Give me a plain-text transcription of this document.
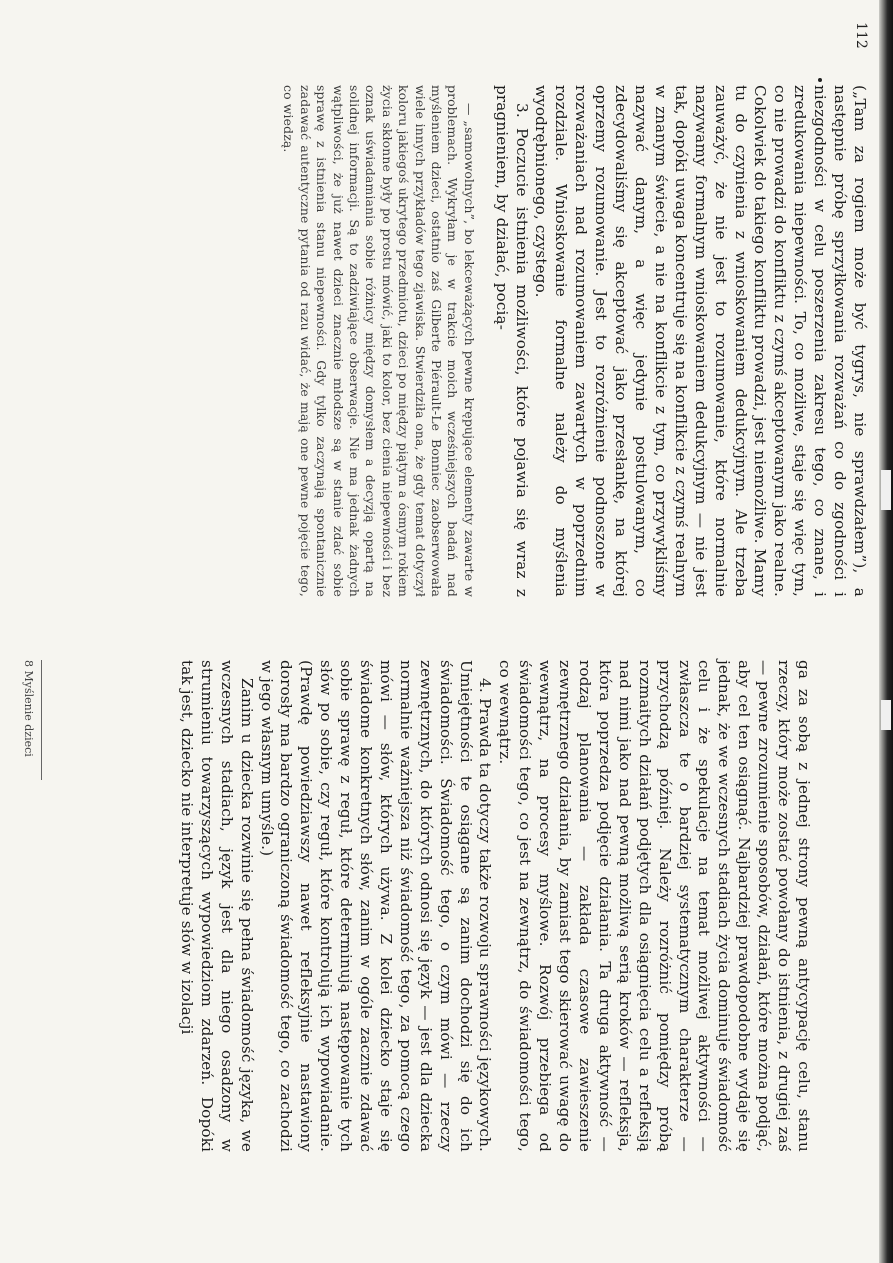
112

(„Tam za rogiem może być tygrys, nie sprawdzałem”), a następnie próbę sprzyłkowania rozważań co do zgodności i niezgodności w celu poszerzenia zakresu tego, co znane, i zredukowania niepewności. To, co możliwe, staje się więc tym, co nie prowadzi do konfliktu z czymś akceptowanym jako realne. Cokolwiek do takiego konfliktu prowadzi, jest niemożliwe. Mamy tu do czynienia z wnioskowaniem dedukcyjnym. Ale trzeba zauważyć, że nie jest to rozumowanie, które normalnie nazywamy formalnym wnioskowaniem dedukcyjnym — nie jest tak, dopóki uwaga koncentruje się na konflikcie z czymś realnym w znanym świecie, a nie na konflikcie z tym, co przywykliśmy nazywać danym, a więc jedynie postulowanym, co zdecydowaliśmy się akceptować jako przesłankę, na której oprzemy rozumowanie. Jest to rozróżnienie podnoszone w rozważaniach nad rozumowaniem zawartych w poprzednim rozdziale. Wnioskowanie formalne należy do myślenia wyodrębnionego, czystego.

3. Poczucie istnienia możliwości, które pojawia się wraz z pragnieniem, by działać, pocią-

— „samowolnych”, bo lekceważących pewne krępujące elementy zawarte w problemach. Wykryłam je w trakcie moich wcześniejszych badań nad myśleniem dzieci, ostatnio zaś Gilberte Piérault-Le Bonniec zaobserwowała wiele innych przykładów tego zjawiska. Stwierdziła ona, że gdy temat dotyczył koloru jakiegoś ukrytego przedmiotu, dzieci po między piątym a ósmym rokiem życia skłonne były po prostu mówić, jaki to kolor, bez cienia niepewności i bez oznak uświadamiania sobie różnicy między domysłem a decyzją opartą na solidnej informacji. Są to zadziwiające obserwacje. Nie ma jednak żadnych wątpliwości, że już nawet dzieci znacznie młodsze są w stanie zdać sobie sprawę z istnienia stanu niepewności. Gdy tylko zaczynają spontanicznie zadawać autentyczne pytania od razu widać, że mają one pewne pojęcie tego, co wiedzą.

ga za sobą z jednej strony pewną antycypację celu, stanu rzeczy, który może zostać powołany do istnienia, z drugiej zaś — pewne zrozumienie sposobów, działań, które można podjąć, aby cel ten osiągnąć. Najbardziej prawdopodobne wydaje się jednak, że we wczesnych stadiach życia dominuje świadomość celu i że spekulacje na temat możliwej aktywności — zwłaszcza te o bardziej systematycznym charakterze — przychodzą później. Należy rozróżnić pomiędzy próbą rozmaitych działań podjętych dla osiągnięcia celu a refleksją nad nimi jako nad pewną możliwą serią kroków — refleksja, która poprzedza podjęcie działania. Ta druga aktywność — rodzaj planowania — zakłada czasowe zawieszenie zewnętrznego działania, by zamiast tego skierować uwagę do wewnątrz, na procesy myślowe. Rozwój przebiega od świadomości tego, co jest na zewnątrz, do świadomości tego, co wewnątrz.

4. Prawda ta dotyczy także rozwoju sprawności językowych. Umiejętności te osiągane są zanim dochodzi się do ich świadomości. Świadomość tego, o czym mówi — rzeczy zewnętrznych, do których odnosi się język — jest dla dziecka normalnie ważniejsza niż świadomość tego, za pomocą czego mówi — słów, których używa. Z kolei dziecko staje się świadome konkretnych słów, zanim w ogóle zacznie zdawać sobie sprawę z reguł, które determinują następowanie tych słów po sobie, czy reguł, które kontrolują ich wypowiadanie. (Prawdę powiedziawszy nawet refleksyjnie nastawiony dorosły ma bardzo ograniczoną świadomość tego, co zachodzi w jego własnym umyśle.)

Zanim u dziecka rozwinie się pełna świadomość języka, we wczesnych stadiach, język jest dla niego osadzony w strumieniu towarzyszących wypowiedziom zdarzeń. Dopóki tak jest, dziecko nie interpretuje słów w izolacji

8 Myślenie dzieci
